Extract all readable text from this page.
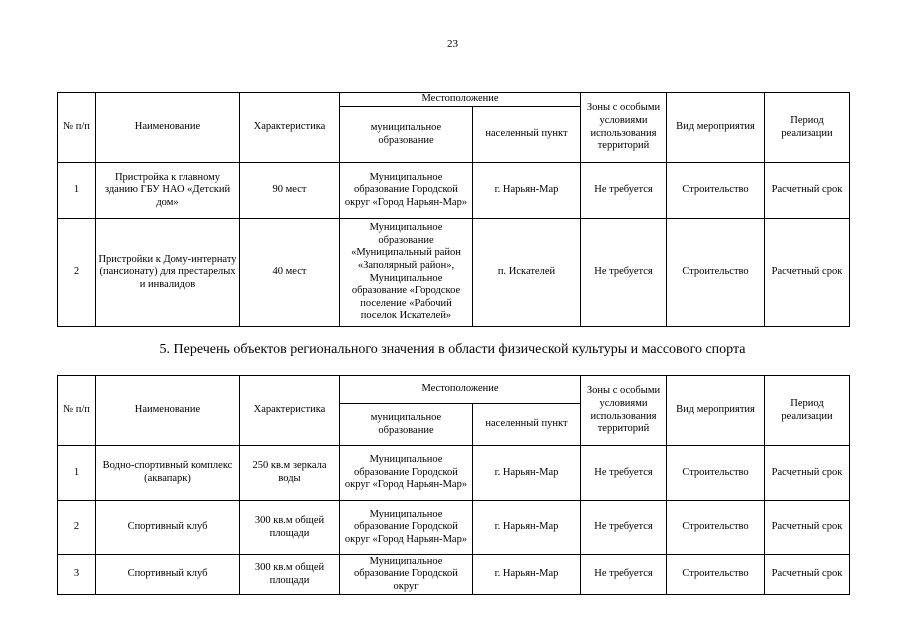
23
№ п/п	Наименование	Характеристика	Местоположение		Зоны с особыми условиями использования территорий	Вид мероприятия	Период реализации
			муниципальное образование	населенный пункт			
1	Пристройка к главному зданию ГБУ НАО «Детский дом»	90 мест	Муниципальное образование Городской округ «Город Нарьян-Мар»	г. Нарьян-Мар	Не требуется	Строительство	Расчетный срок
2	Пристройки к Дому-интернату (пансионату) для престарелых и инвалидов	40 мест	Муниципальное образование «Муниципальный район «Заполярный район», Муниципальное образование «Городское поселение «Рабочий поселок Искателей»	п. Искателей	Не требуется	Строительство	Расчетный срок
5. Перечень объектов регионального значения в области физической культуры и массового спорта
№ п/п	Наименование	Характеристика	Местоположение		Зоны с особыми условиями использования территорий	Вид мероприятия	Период реализации
			муниципальное образование	населенный пункт			
1	Водно-спортивный комплекс (аквапарк)	250 кв.м зеркала воды	Муниципальное образование Городской округ «Город Нарьян-Мар»	г. Нарьян-Мар	Не требуется	Строительство	Расчетный срок
2	Спортивный клуб	300 кв.м общей площади	Муниципальное образование Городской округ «Город Нарьян-Мар»	г. Нарьян-Мар	Не требуется	Строительство	Расчетный срок
3	Спортивный клуб	300 кв.м общей площади	Муниципальное образование Городской округ	г. Нарьян-Мар	Не требуется	Строительство	Расчетный срок
